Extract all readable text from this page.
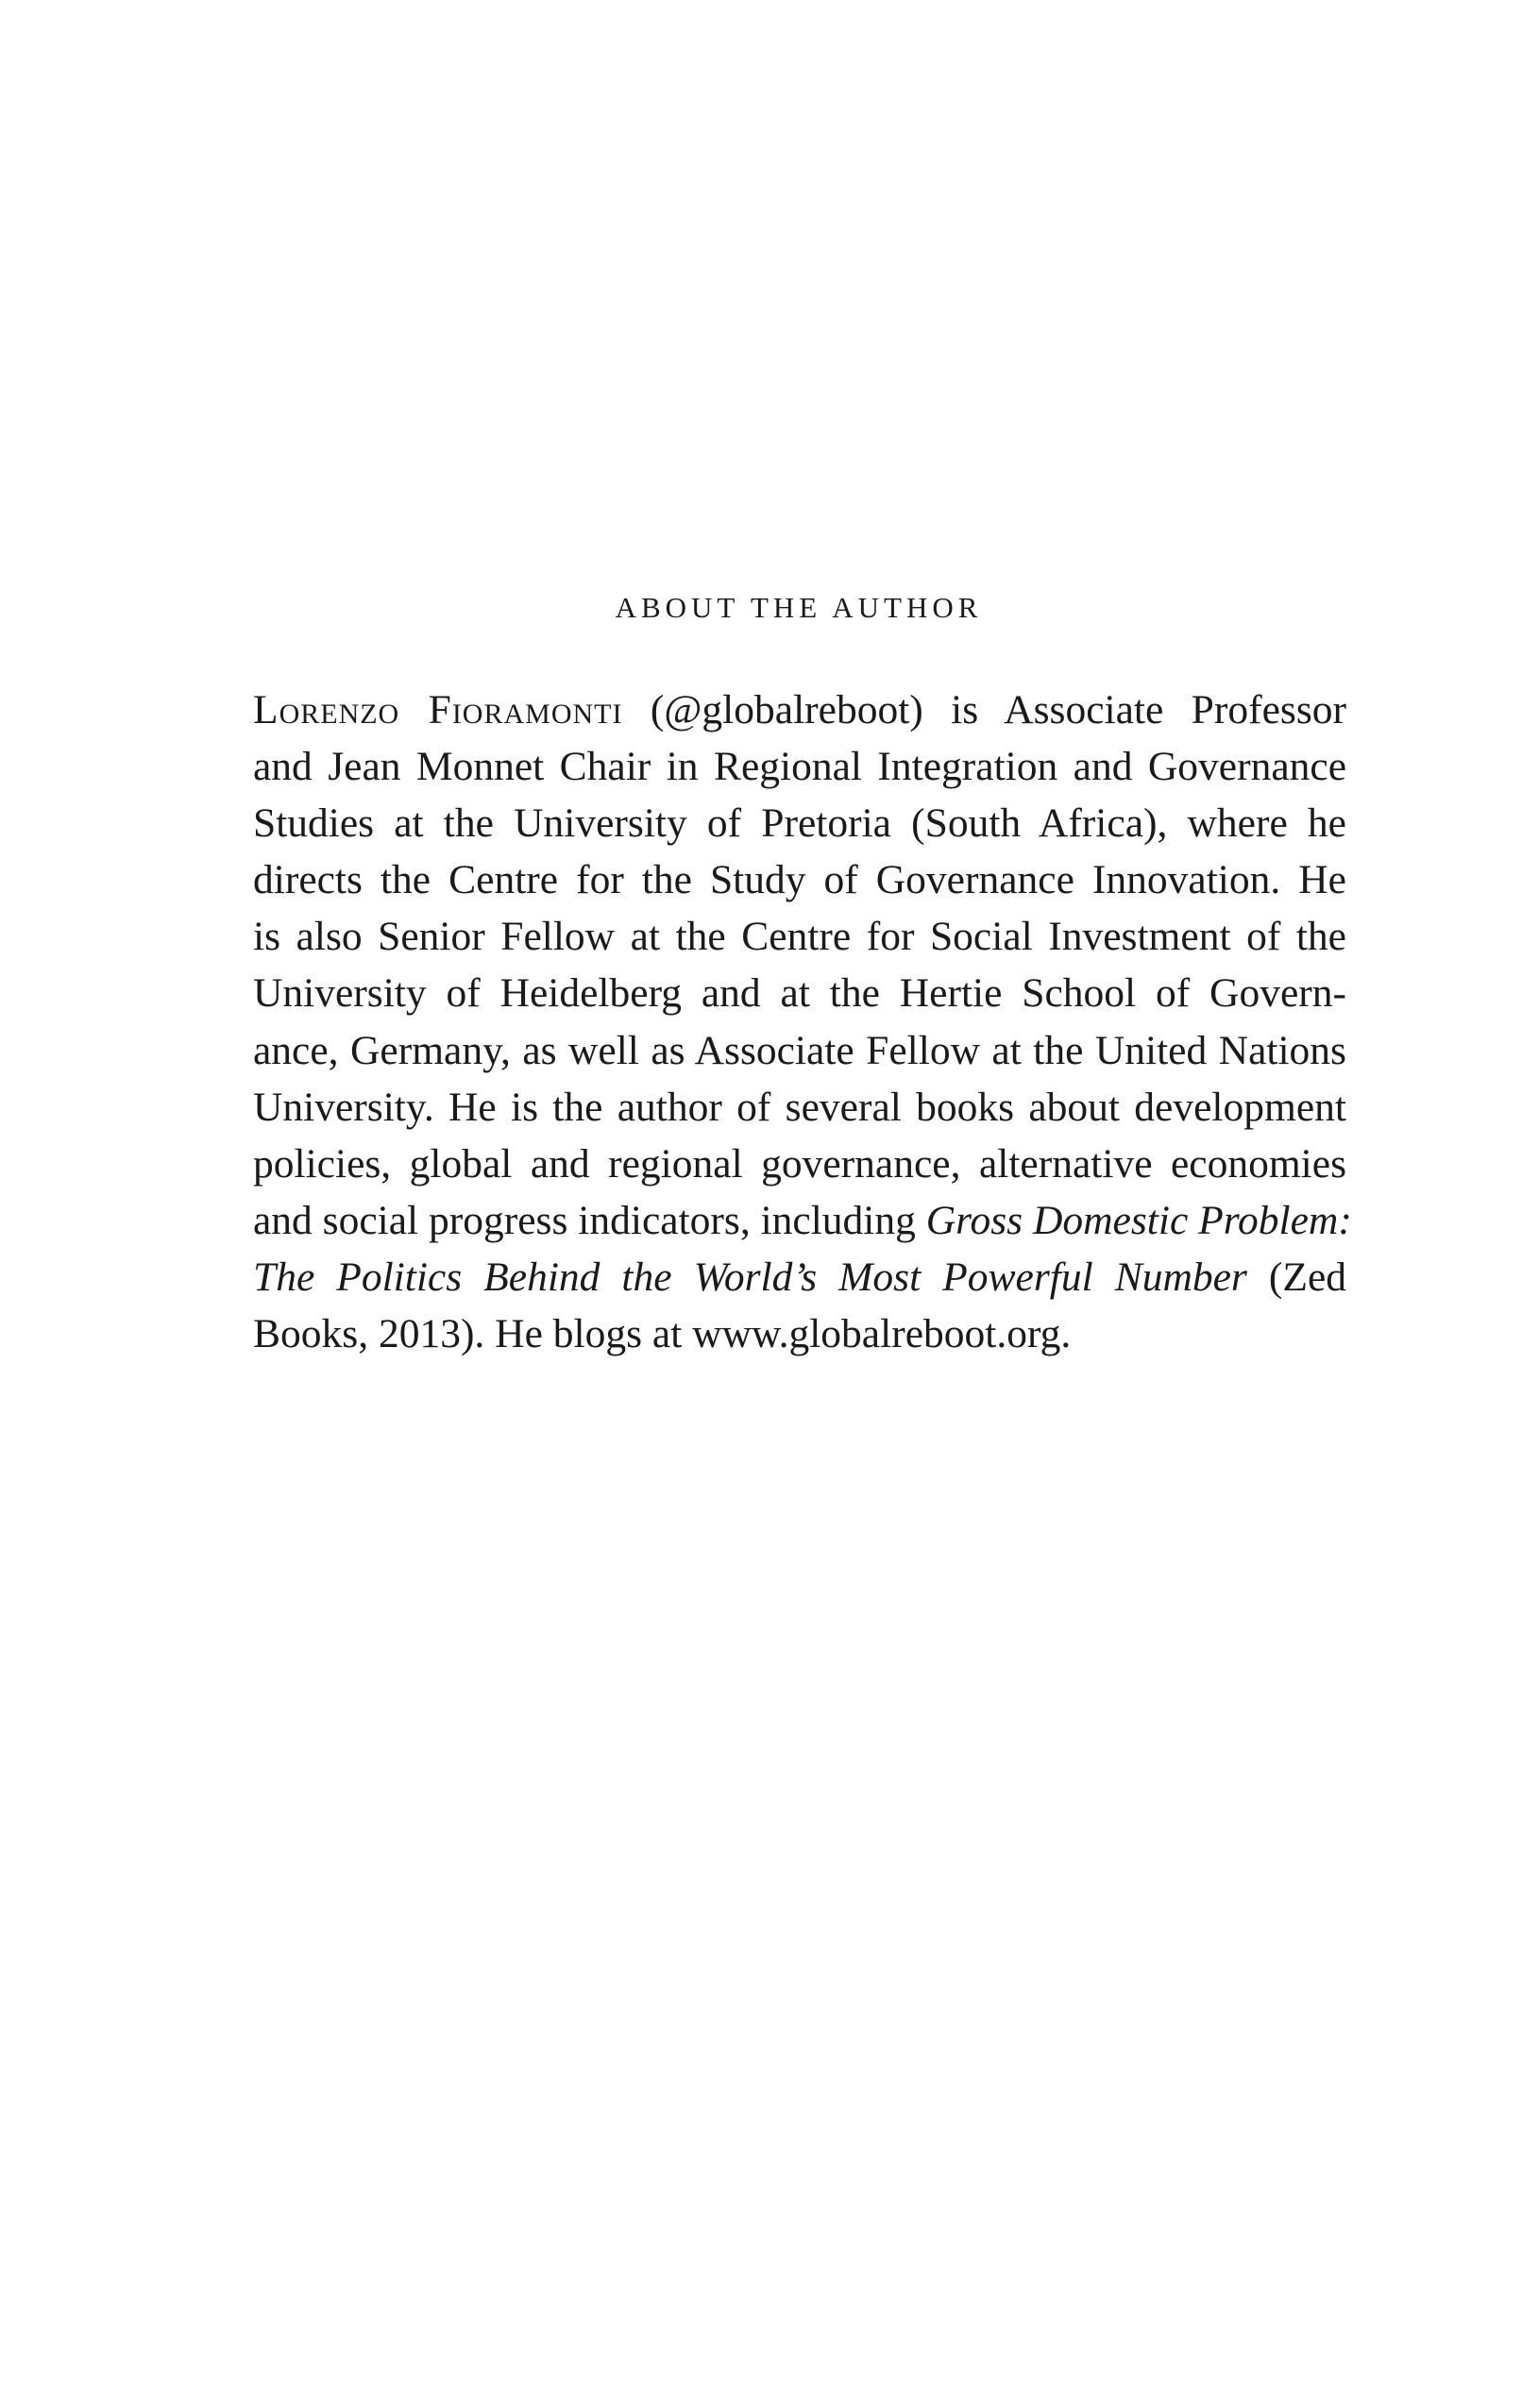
ABOUT THE AUTHOR
Lorenzo Fioramonti (@globalreboot) is Associate Professor
and Jean Monnet Chair in Regional Integration and Governance
Studies at the University of Pretoria (South Africa), where he
directs the Centre for the Study of Governance Innovation. He
is also Senior Fellow at the Centre for Social Investment of the
University of Heidelberg and at the Hertie School of Govern-
ance, Germany, as well as Associate Fellow at the United Nations
University. He is the author of several books about development
policies, global and regional governance, alternative economies
and social progress indicators, including Gross Domestic Problem:
The Politics Behind the World’s Most Powerful Number (Zed
Books, 2013). He blogs at www.globalreboot.org.
